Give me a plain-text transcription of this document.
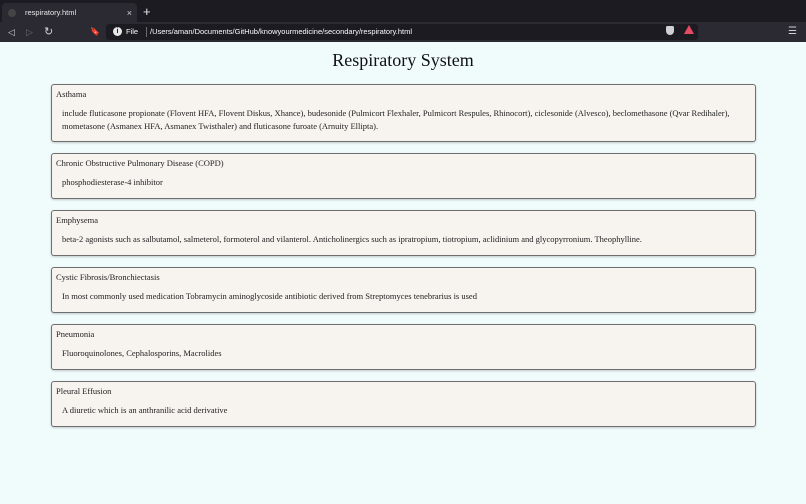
respiratory.html	× +
◁ ▷ ↻	🔖	i	File /Users/aman/Documents/GitHub/knowyourmedicine/secondary/respiratory.html	☰
Respiratory System
Asthama
include fluticasone propionate (Flovent HFA, Flovent Diskus, Xhance), budesonide (Pulmicort Flexhaler, Pulmicort Respules, Rhinocort), ciclesonide (Alvesco), beclomethasone (Qvar Redihaler), mometasone (Asmanex HFA, Asmanex Twisthaler) and fluticasone furoate (Arnuity Ellipta).
Chronic Obstructive Pulmonary Disease (COPD)
phosphodiesterase-4 inhibitor
Emphysema
beta-2 agonists such as salbutamol, salmeterol, formoterol and vilanterol. Anticholinergics such as ipratropium, tiotropium, aclidinium and glycopyrronium. Theophylline.
Cystic Fibrosis/Bronchiectasis
In most commonly used medication Tobramycin aminoglycoside antibiotic derived from Streptomyces tenebrarius is used
Pneumonia
Fluoroquinolones, Cephalosporins, Macrolides
Pleural Effusion
A diuretic which is an anthranilic acid derivative
